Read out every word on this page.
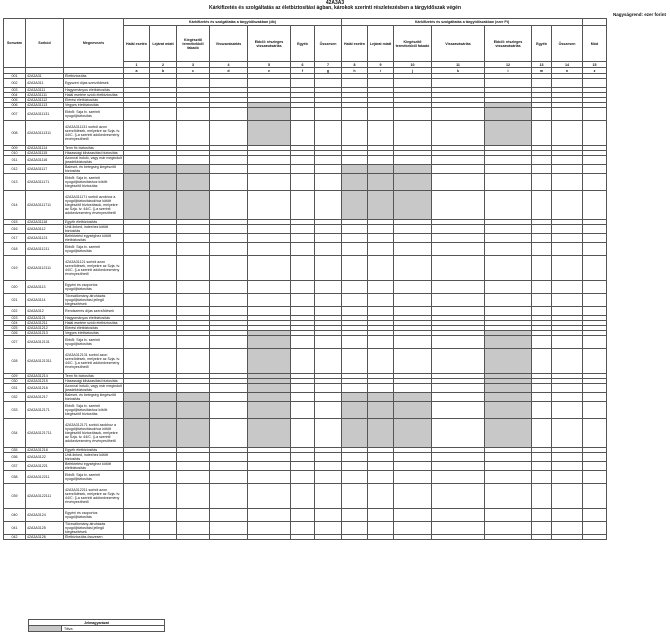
42A3A3
Kárkifizetés és szolgáltatás az életbiztosítási ágban, károkok szerinti részletezésben a tárgyidőszak végén
Nagyságrend: ezer forint
Sorszám	Sorkód	Megnevezés	Kárkifizetés és szolgáltatás a tárgyidőszakban (db)							Kárkifizetés és szolgáltatás a tárgyidőszakban (ezer Ft)							
			Halál esetén	Lejárat miatt	Kiegészítő termékekből fakadó	Visszavásárlás	Ebből: részleges visszavásárlás	Egyéb	Összesen	Halál esetén	Lejárat miatt	Kiegészítő termékekből fakadó	Visszavásárlás	Ebből: részleges visszavásárlás	Egyéb	Összesen	Mód
			1	2	3	4	5	6	7	8	9	10	11	12	13	14	15
			a	b	c	d	e	f	g	h	i	j	k	l	m	n	z
001	42A3A31	Életbiztosítás															
002	42A3A311	Egyszeri díjas szerződések															
003	42A3A3111	Hagyományos életbiztosítás															
004	42A3A31111	Halál esetére szóló életbiztosítás															
005	42A3A31112	Elérési életbiztosítás															
006	42A3A31113	Vegyes életbiztosítás															
007	42A3A311131	Ebből: Szja tv. szerinti nyugdíjbiztosítás															
008	42A3A3111311	42A3A311131 sorból azon szerződések, melyekre az Szja. tv. 44/C. §-a szerinti adókedvezmény érvényesíthető															
009	42A3A31114	Term fix biztosítás															
010	42A3A31115	Házassági kiházasítási biztosítás															
011	42A3A31116	Azonnal induló, vagy már megindult járadékbiztosítás															
012	42A3A31117	Baleset- és betegség kiegészítő biztosítás															
013	42A3A311171	Ebből: Szja tv. szerinti nyugdíjbiztosításhoz kötött kiegészítő biztosítás															
014	42A3A3111711	42A3A311171 sorból azokhoz a nyugdíjbiztosításokhoz kötött kiegészítő biztosítások, melyekre az Szja. tv. 44/C. §-a szerinti adókedvezmény érvényesíthető															
015	42A3A31118	Egyéb életbiztosítás															
016	42A3A3112	Unit-linked, indexhez kötött biztosítás															
017	42A3A31121	Befektetési egységhez kötött életbiztosítás															
018	42A3A311211	Ebből: Szja tv. szerinti nyugdíjbiztosítás															
019	42A3A3112111	42A3A31121 sorból azon szerződések, melyekre az Szja. tv. 44/C. §-a szerinti adókedvezmény érvényesíthető															
020	42A3A3113	Egyéni és csoportos nyugdíjbiztosítás															
021	42A3A3114	Törzsállomány-átruházás nyugdíjbiztosítási jellegű kiegészítések															
022	42A3A312	Rendszeres díjas szerződések															
023	42A3A3121	Hagyományos életbiztosítás															
024	42A3A31211	Halál esetére szóló életbiztosítás															
025	42A3A31212	Elérési életbiztosítás															
026	42A3A31213	Vegyes életbiztosítás															
027	42A3A312131	Ebből: Szja tv. szerinti nyugdíjbiztosítás															
028	42A3A3121311	42A3A312131 sorból azon szerződések, melyekre az Szja. tv. 44/C. §-a szerinti adókedvezmény érvényesíthető															
029	42A3A31214	Term fix biztosítás															
030	42A3A31215	Házassági kiházasítási biztosítás															
031	42A3A31216	Azonnal induló, vagy már megindult járadékbiztosítás															
032	42A3A31217	Baleset- és betegség kiegészítő biztosítás															
033	42A3A312171	Ebből: Szja tv. szerinti nyugdíjbiztosításhoz kötött kiegészítő biztosítás															
034	42A3A3121711	42A3A312171 sorból azokhoz a nyugdíjbiztosításokhoz kötött kiegészítő biztosítások, melyekre az Szja. tv. 44/C. §-a szerinti adókedvezmény érvényesíthető															
035	42A3A31218	Egyéb életbiztosítás															
036	42A3A3122	Unit-linked, indexhez kötött biztosítás															
037	42A3A31221	Befektetési egységhez kötött életbiztosítás															
038	42A3A312211	Ebből: Szja tv. szerinti nyugdíjbiztosítás															
039	42A3A3122111	42A3A312211 sorból azon szerződések, melyekre az Szja. tv. 44/C. §-a szerinti adókedvezmény érvényesíthető															
040	42A3A3124	Egyéni és csoportos nyugdíjbiztosítás															
041	42A3A3125	Törzsállomány-átruházás nyugdíjbiztosítási jellegű kiegészítések															
042	42A3A3126	Életbiztosítás összesen															
Jelmagyarázat
	Tiltva
